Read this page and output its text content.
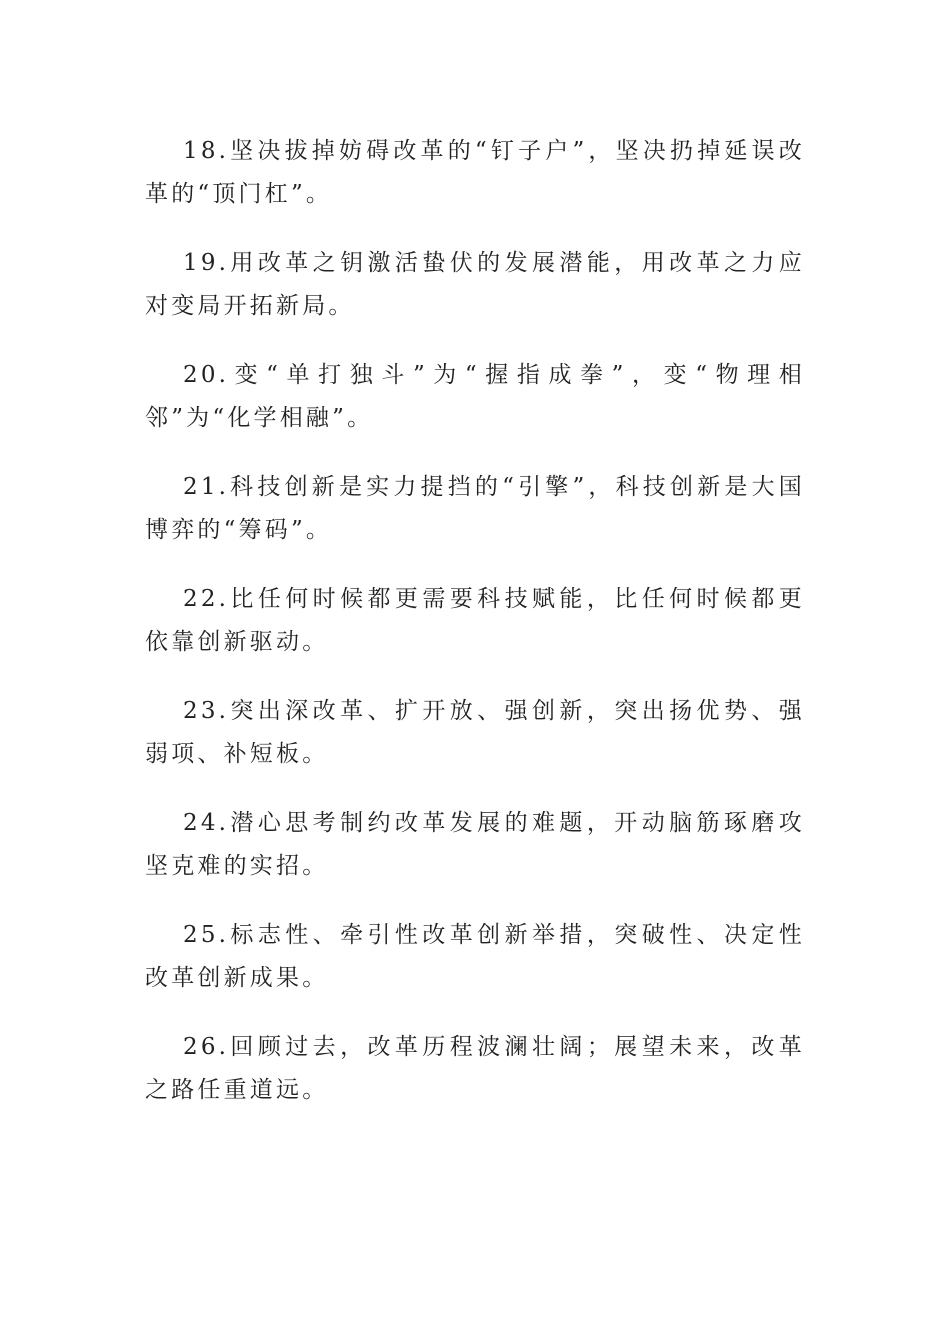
18.坚决拔掉妨碍改革的“钉子户”，坚决扔掉延误改革的“顶门杠”。

19.用改革之钥激活蛰伏的发展潜能，用改革之力应对变局开拓新局。

20.变“单打独斗”为“握指成拳”，变“物理相邻”为“化学相融”。

21.科技创新是实力提挡的“引擎”，科技创新是大国博弈的“筹码”。

22.比任何时候都更需要科技赋能，比任何时候都更依靠创新驱动。

23.突出深改革、扩开放、强创新，突出扬优势、强弱项、补短板。

24.潜心思考制约改革发展的难题，开动脑筋琢磨攻坚克难的实招。

25.标志性、牵引性改革创新举措，突破性、决定性改革创新成果。

26.回顾过去，改革历程波澜壮阔；展望未来，改革之路任重道远。
